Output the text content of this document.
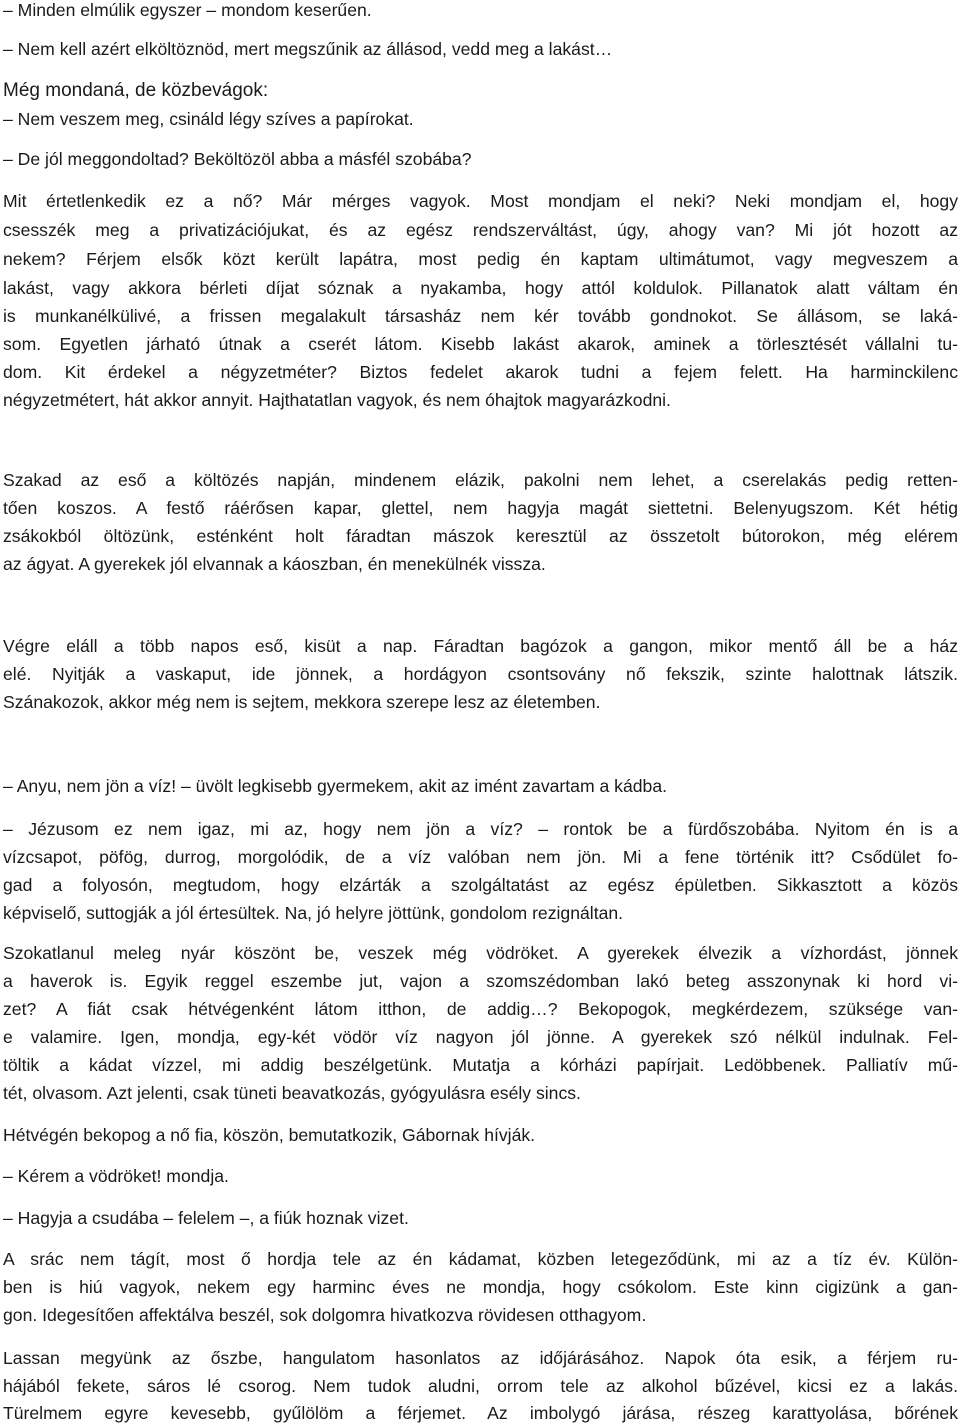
– Minden elmúlik egyszer – mondom keserűen.
– Nem kell azért elköltöznöd, mert megszűnik az állásod, vedd meg a lakást…
Még mondaná, de közbevágok:
– Nem veszem meg, csináld légy szíves a papírokat.
– De jól meggondoltad? Beköltözöl abba a másfél szobába?
Mit értetlenkedik ez a nő? Már mérges vagyok. Most mondjam el neki? Neki mondjam el, hogy
csesszék meg a privatizációjukat, és az egész rendszerváltást, úgy, ahogy van? Mi jót hozott az
nekem? Férjem elsők közt került lapátra, most pedig én kaptam ultimátumot, vagy megveszem a
lakást, vagy akkora bérleti díjat sóznak a nyakamba, hogy attól koldulok. Pillanatok alatt váltam én
is munkanélkülivé, a frissen megalakult társasház nem kér tovább gondnokot. Se állásom, se laká-
som. Egyetlen járható útnak a cserét látom. Kisebb lakást akarok, aminek a törlesztését vállalni tu-
dom. Kit érdekel a négyzetméter? Biztos fedelet akarok tudni a fejem felett. Ha harminckilenc
négyzetmétert, hát akkor annyit. Hajthatatlan vagyok, és nem óhajtok magyarázkodni.
Szakad az eső a költözés napján, mindenem elázik, pakolni nem lehet, a cserelakás pedig retten-
tően koszos. A festő ráérősen kapar, glettel, nem hagyja magát siettetni. Belenyugszom. Két hétig
zsákokból öltözünk, esténként holt fáradtan mászok keresztül az összetolt bútorokon, még elérem
az ágyat. A gyerekek jól elvannak a káoszban, én menekülnék vissza.
Végre eláll a több napos eső, kisüt a nap. Fáradtan bagózok a gangon, mikor mentő áll be a ház
elé. Nyitják a vaskaput, ide jönnek, a hordágyon csontsovány nő fekszik, szinte halottnak látszik.
Szánakozok, akkor még nem is sejtem, mekkora szerepe lesz az életemben.
– Anyu, nem jön a víz! – üvölt legkisebb gyermekem, akit az imént zavartam a kádba.
– Jézusom ez nem igaz, mi az, hogy nem jön a víz? – rontok be a fürdőszobába. Nyitom én is a
vízcsapot, pöfög, durrog, morgolódik, de a víz valóban nem jön. Mi a fene történik itt? Csődület fo-
gad a folyosón, megtudom, hogy elzárták a szolgáltatást az egész épületben. Sikkasztott a közös
képviselő, suttogják a jól értesültek. Na, jó helyre jöttünk, gondolom rezignáltan.
Szokatlanul meleg nyár köszönt be, veszek még vödröket. A gyerekek élvezik a vízhordást, jönnek
a haverok is. Egyik reggel eszembe jut, vajon a szomszédomban lakó beteg asszonynak ki hord vi-
zet? A fiát csak hétvégenként látom itthon, de addig…? Bekopogok, megkérdezem, szüksége van-
e valamire. Igen, mondja, egy-két vödör víz nagyon jól jönne. A gyerekek szó nélkül indulnak. Fel-
töltik a kádat vízzel, mi addig beszélgetünk. Mutatja a kórházi papírjait. Ledöbbenek. Palliatív mű-
tét, olvasom. Azt jelenti, csak tüneti beavatkozás, gyógyulásra esély sincs.
Hétvégén bekopog a nő fia, köszön, bemutatkozik, Gábornak hívják.
– Kérem a vödröket! mondja.
– Hagyja a csudába – felelem –, a fiúk hoznak vizet.
A srác nem tágít, most ő hordja tele az én kádamat, közben letegeződünk, mi az a tíz év. Külön-
ben is hiú vagyok, nekem egy harminc éves ne mondja, hogy csókolom. Este kinn cigizünk a gan-
gon. Idegesítően affektálva beszél, sok dolgomra hivatkozva rövidesen otthagyom.
Lassan megyünk az őszbe, hangulatom hasonlatos az időjárásához. Napok óta esik, a férjem ru-
hájából fekete, sáros lé csorog. Nem tudok aludni, orrom tele az alkohol bűzével, kicsi ez a lakás.
Türelmem egyre kevesebb, gyűlölöm a férjemet. Az imbolygó járása, részeg karattyolása, bőrének
